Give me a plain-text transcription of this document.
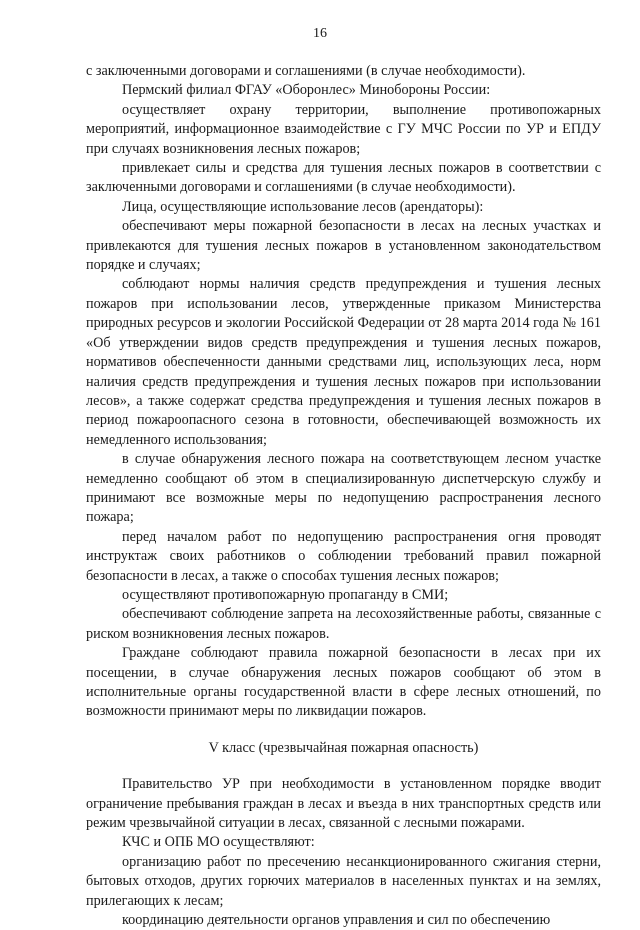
16

с заключенными договорами и соглашениями (в случае необходимости).

Пермский филиал ФГАУ «Оборонлес» Минобороны России:

осуществляет охрану территории, выполнение противопожарных мероприятий, информационное взаимодействие с ГУ МЧС России по УР и ЕПДУ при случаях возникновения лесных пожаров;

привлекает силы и средства для тушения лесных пожаров в соответствии с заключенными договорами и соглашениями (в случае необходимости).

Лица, осуществляющие использование лесов (арендаторы):

обеспечивают меры пожарной безопасности в лесах на лесных участках и привлекаются для тушения лесных пожаров в установленном законодательством порядке и случаях;

соблюдают нормы наличия средств предупреждения и тушения лесных пожаров при использовании лесов, утвержденные приказом Министерства природных ресурсов и экологии Российской Федерации от 28 марта 2014 года № 161 «Об утверждении видов средств предупреждения и тушения лесных пожаров, нормативов обеспеченности данными средствами лиц, использующих леса, норм наличия средств предупреждения и тушения лесных пожаров при использовании лесов», а также содержат средства предупреждения и тушения лесных пожаров в период пожароопасного сезона в готовности, обеспечивающей возможность их немедленного использования;

в случае обнаружения лесного пожара на соответствующем лесном участке немедленно сообщают об этом в специализированную диспетчерскую службу и принимают все возможные меры по недопущению распространения лесного пожара;

перед началом работ по недопущению распространения огня проводят инструктаж своих работников о соблюдении требований правил пожарной безопасности в лесах, а также о способах тушения лесных пожаров;

осуществляют противопожарную пропаганду в СМИ;

обеспечивают соблюдение запрета на лесохозяйственные работы, связанные с риском возникновения лесных пожаров.

Граждане соблюдают правила пожарной безопасности в лесах при их посещении, в случае обнаружения лесных пожаров сообщают об этом в исполнительные органы государственной власти в сфере лесных отношений, по возможности принимают меры по ликвидации пожаров.

V класс (чрезвычайная пожарная опасность)

Правительство УР при необходимости в установленном порядке вводит ограничение пребывания граждан в лесах и въезда в них транспортных средств или режим чрезвычайной ситуации в лесах, связанной с лесными пожарами.

КЧС и ОПБ МО осуществляют:

организацию работ по пресечению несанкционированного сжигания стерни, бытовых отходов, других горючих материалов в населенных пунктах и на землях, прилегающих к лесам;

координацию деятельности органов управления и сил по обеспечению
